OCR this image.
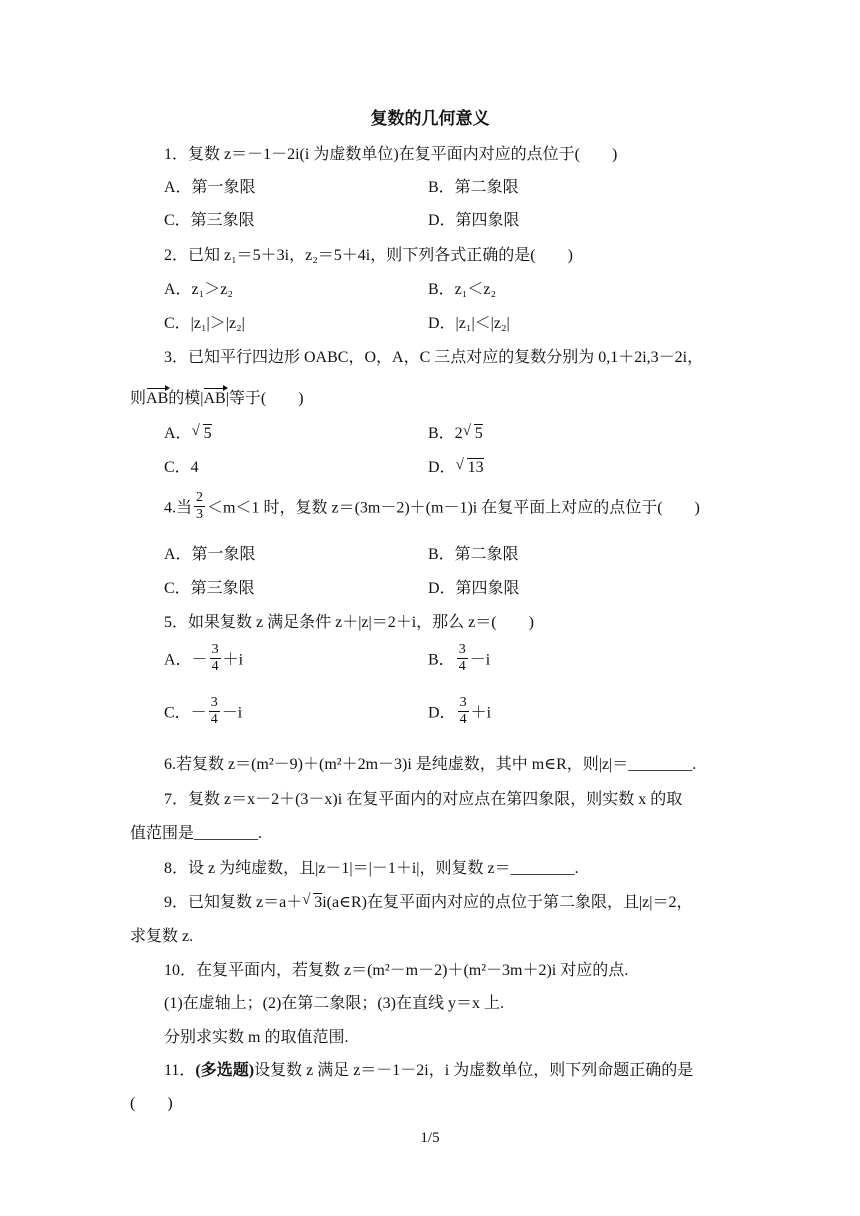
复数的几何意义
1．复数 z＝－1－2i(i 为虚数单位)在复平面内对应的点位于(　　)
A．第一象限	B．第二象限
C．第三象限	D．第四象限
2．已知 z₁＝5＋3i，z₂＝5＋4i，则下列各式正确的是(　　)
A．z₁＞z₂	B．z₁＜z₂
C．|z₁|＞|z₂|	D．|z₁|＜|z₂|
3．已知平行四边形 OABC，O，A，C 三点对应的复数分别为 0,1＋2i,3－2i，
则AB的模|AB|等于(　　)
A． √ 5	B．2 √ 5
C．4	D． √ 13
4.当 $\frac{2}{3} <m<1$ 时，复数 z＝(3m－2)＋(m－1)i 在复平面上对应的点位于(　　)
A．第一象限	B．第二象限
C．第三象限	D．第四象限
5．如果复数 z 满足条件 z＋|z|＝2＋i，那么 z＝(　　)
A．－ $\frac{3}{4} +i$	B． $\frac{3}{4} -i$
C．－ $\frac{3}{4} -i$	D． $\frac{3}{4} +i$
6.若复数 z＝(m²－9)＋(m²＋2m－3)i 是纯虚数，其中 m∈R，则|z|＝________.
7．复数 z＝x－2＋(3－x)i 在复平面内的对应点在第四象限，则实数 x 的取
值范围是________.
8．设 z 为纯虚数，且|z－1|＝|－1＋i|，则复数 z＝________.
9．已知复数 z＝a＋ √ 3i(a∈R)在复平面内对应的点位于第二象限，且|z|＝2，
求复数 z.
10．在复平面内，若复数 z＝(m²－m－2)＋(m²－3m＋2)i 对应的点.
(1)在虚轴上；(2)在第二象限；(3)在直线 y＝x 上.
分别求实数 m 的取值范围.
11．(多选题)设复数 z 满足 z＝－1－2i，i 为虚数单位，则下列命题正确的是
(　　)
1/5
